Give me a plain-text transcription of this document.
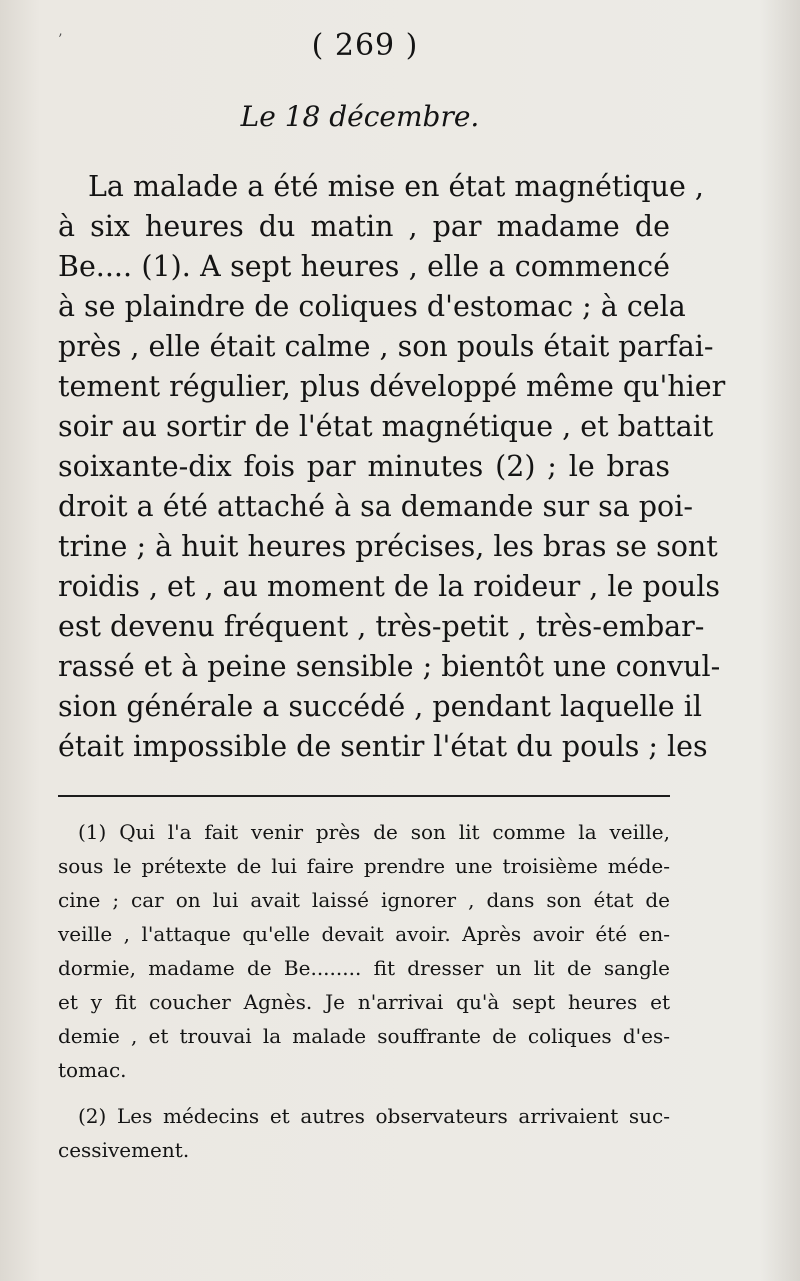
’	( 269 )
Le 18 décembre.
La malade a été mise en état magnétique ,
à six heures du matin , par madame de
Be.... (1). A sept heures , elle a commencé
à se plaindre de coliques d'estomac ; à cela
près , elle était calme , son pouls était parfai-
tement régulier, plus développé même qu'hier
soir au sortir de l'état magnétique , et battait
soixante-dix fois par minutes (2) ; le bras
droit a été attaché à sa demande sur sa poi-
trine ; à huit heures précises, les bras se sont
roidis , et , au moment de la roideur , le pouls
est devenu fréquent , très-petit , très-embar-
rassé et à peine sensible ; bientôt une convul-
sion générale a succédé , pendant laquelle il
était impossible de sentir l'état du pouls ; les
(1) Qui l'a fait venir près de son lit comme la veille,
sous le prétexte de lui faire prendre une troisième méde-
cine ; car on lui avait laissé ignorer , dans son état de
veille , l'attaque qu'elle devait avoir. Après avoir été en-
dormie, madame de Be........ fit dresser un lit de sangle
et y fit coucher Agnès. Je n'arrivai qu'à sept heures et
demie , et trouvai la malade souffrante de coliques d'es-
tomac.
(2) Les médecins et autres observateurs arrivaient suc-
cessivement.
